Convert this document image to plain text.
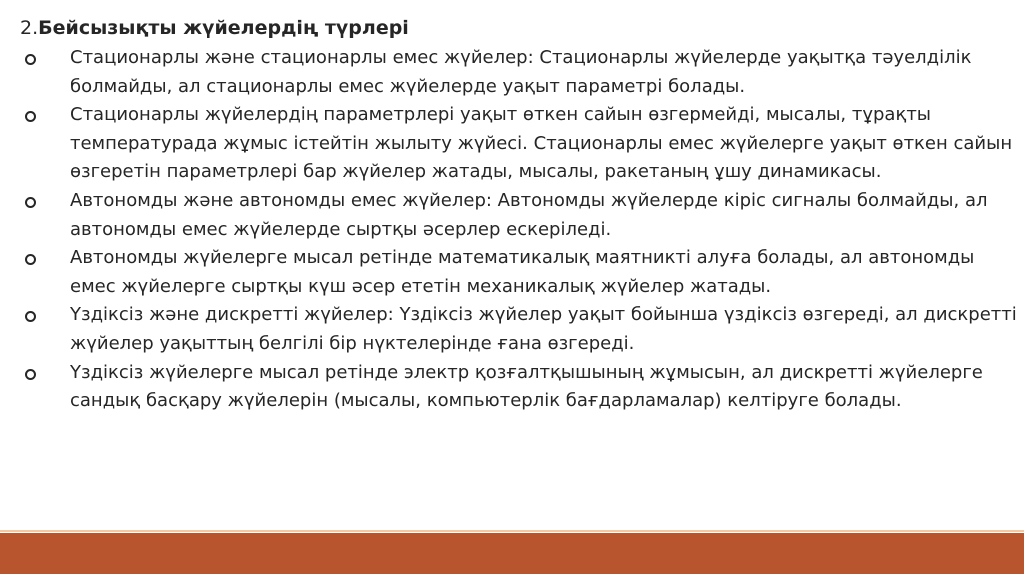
2.Бейсызықты жүйелердің түрлері
Стационарлы және стационарлы емес жүйелер: Стационарлы жүйелерде уақытқа тәуелділік болмайды, ал стационарлы емес жүйелерде уақыт параметрі болады.
Стационарлы жүйелердің параметрлері уақыт өткен сайын өзгермейді, мысалы, тұрақты температурада жұмыс істейтін жылыту жүйесі. Стационарлы емес жүйелерге уақыт өткен сайын өзгеретін параметрлері бар жүйелер жатады, мысалы, ракетаның ұшу динамикасы.
Автономды және автономды емес жүйелер: Автономды жүйелерде кіріс сигналы болмайды, ал автономды емес жүйелерде сыртқы әсерлер ескеріледі.
Автономды жүйелерге мысал ретінде математикалық маятникті алуға болады, ал автономды емес жүйелерге сыртқы күш әсер ететін механикалық жүйелер жатады.
Үздіксіз және дискретті жүйелер: Үздіксіз жүйелер уақыт бойынша үздіксіз өзгереді, ал дискретті жүйелер уақыттың белгілі бір нүктелерінде ғана өзгереді.
Үздіксіз жүйелерге мысал ретінде электр қозғалтқышының жұмысын, ал дискретті жүйелерге сандық басқару жүйелерін (мысалы, компьютерлік бағдарламалар) келтіруге болады.
